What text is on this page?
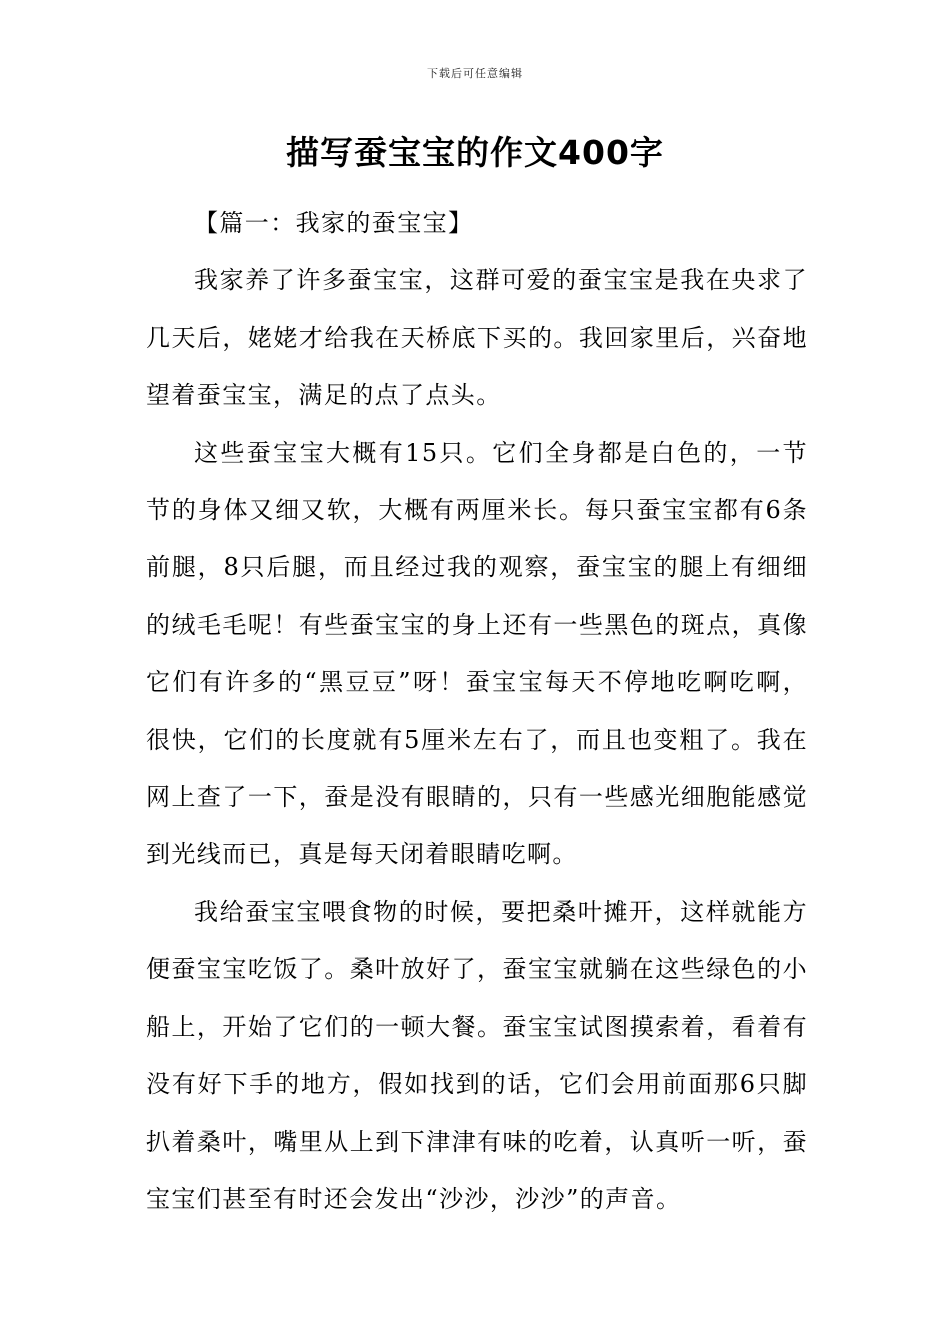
下载后可任意编辑
描写蚕宝宝的作文400字
【篇一：我家的蚕宝宝】

我家养了许多蚕宝宝，这群可爱的蚕宝宝是我在央求了几天后，姥姥才给我在天桥底下买的。我回家里后，兴奋地望着蚕宝宝，满足的点了点头。

这些蚕宝宝大概有15只。它们全身都是白色的，一节节的身体又细又软，大概有两厘米长。每只蚕宝宝都有6条前腿，8只后腿，而且经过我的观察，蚕宝宝的腿上有细细的绒毛毛呢！有些蚕宝宝的身上还有一些黑色的斑点，真像它们有许多的“黑豆豆”呀！蚕宝宝每天不停地吃啊吃啊，很快，它们的长度就有5厘米左右了，而且也变粗了。我在网上查了一下，蚕是没有眼睛的，只有一些感光细胞能感觉到光线而已，真是每天闭着眼睛吃啊。

我给蚕宝宝喂食物的时候，要把桑叶摊开，这样就能方便蚕宝宝吃饭了。桑叶放好了，蚕宝宝就躺在这些绿色的小船上，开始了它们的一顿大餐。蚕宝宝试图摸索着，看着有没有好下手的地方，假如找到的话，它们会用前面那6只脚扒着桑叶，嘴里从上到下津津有味的吃着，认真听一听，蚕宝宝们甚至有时还会发出“沙沙，沙沙”的声音。
